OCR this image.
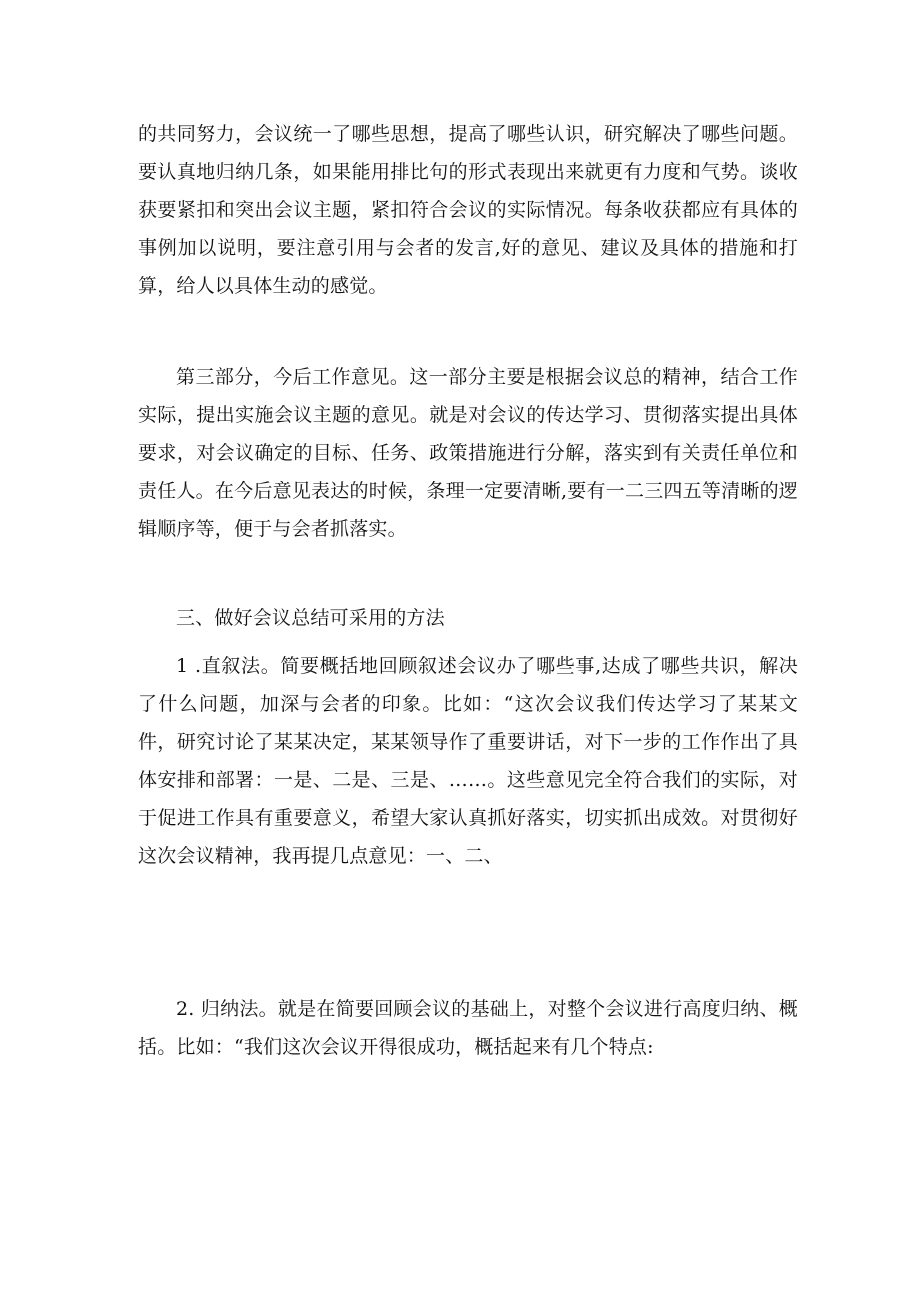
的共同努力，会议统一了哪些思想，提高了哪些认识，研究解决了哪些问题。要认真地归纳几条，如果能用排比句的形式表现出来就更有力度和气势。谈收获要紧扣和突出会议主题，紧扣符合会议的实际情况。每条收获都应有具体的事例加以说明，要注意引用与会者的发言,好的意见、建议及具体的措施和打算，给人以具体生动的感觉。

第三部分，今后工作意见。这一部分主要是根据会议总的精神，结合工作实际，提出实施会议主题的意见。就是对会议的传达学习、贯彻落实提出具体要求，对会议确定的目标、任务、政策措施进行分解，落实到有关责任单位和责任人。在今后意见表达的时候，条理一定要清晰,要有一二三四五等清晰的逻辑顺序等，便于与会者抓落实。

三、做好会议总结可采用的方法

1 .直叙法。简要概括地回顾叙述会议办了哪些事,达成了哪些共识，解决了什么问题，加深与会者的印象。比如：“这次会议我们传达学习了某某文件，研究讨论了某某决定，某某领导作了重要讲话，对下一步的工作作出了具体安排和部署：一是、二是、三是、……。这些意见完全符合我们的实际，对于促进工作具有重要意义，希望大家认真抓好落实，切实抓出成效。对贯彻好这次会议精神，我再提几点意见：一、二、

2. 归纳法。就是在简要回顾会议的基础上，对整个会议进行高度归纳、概括。比如：“我们这次会议开得很成功，概括起来有几个特点:
